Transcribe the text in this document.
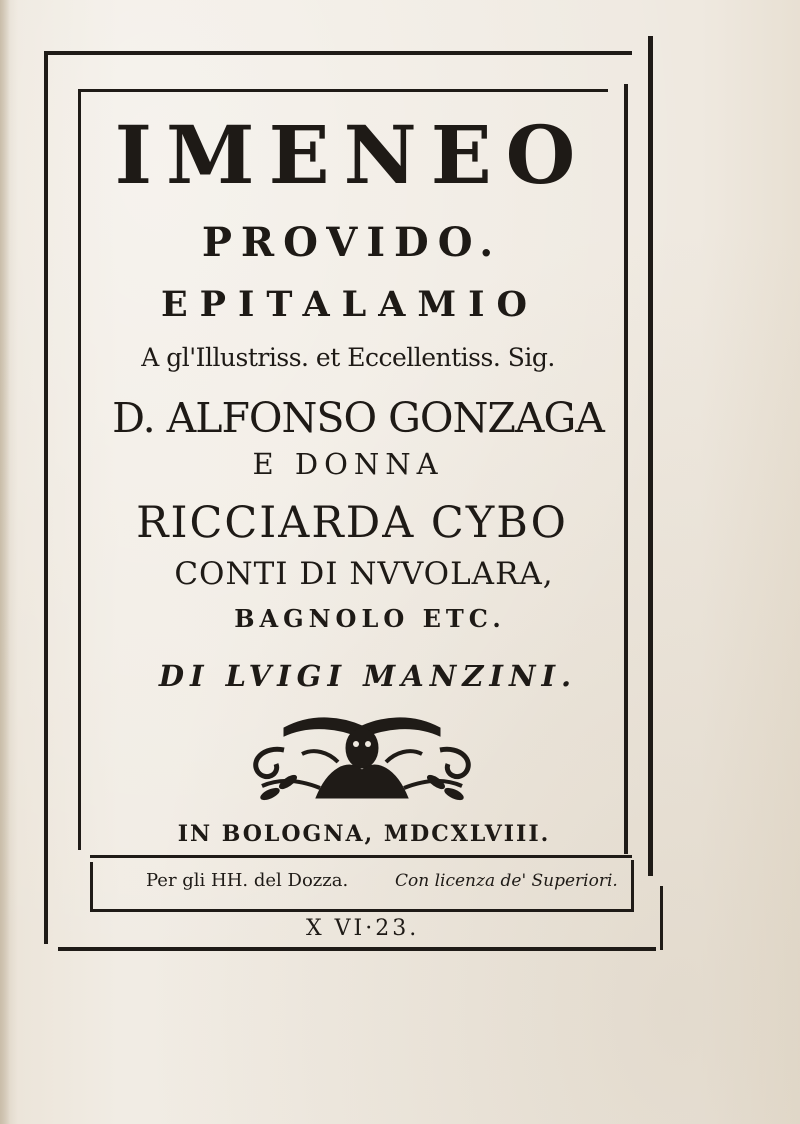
IMENEO
PROVIDO.
EPITALAMIO
A gl'Illustriss. et Eccellentiss. Sig.
D. ALFONSO GONZAGA
E DONNA
RICCIARDA CYBO
CONTI DI NVVOLARA,
BAGNOLO ETC.
DI LVIGI MANZINI.
IN BOLOGNA, MDCXLVIII.
Per gli HH. del Dozza.	Con licenza de' Superiori.
X VI·23.
